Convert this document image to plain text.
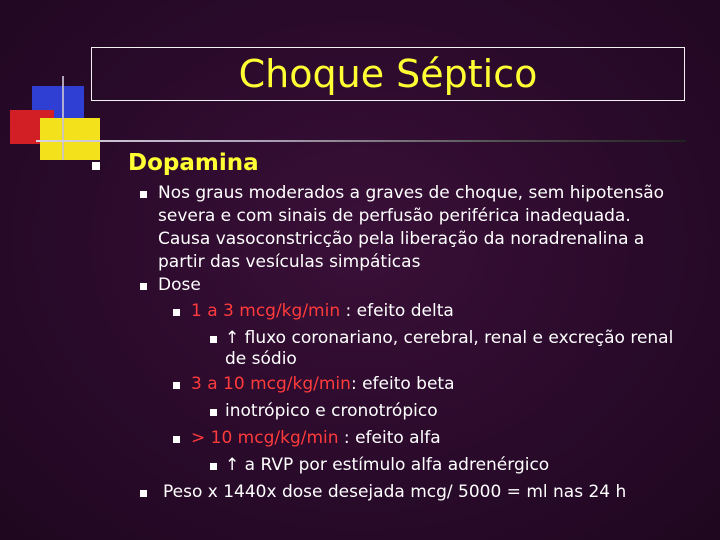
Choque Séptico
Dopamina
Nos graus moderados a graves de choque, sem hipotensão
severa e com sinais de perfusão periférica inadequada.
Causa vasoconstricção pela liberação da noradrenalina a
partir das vesículas simpáticas
Dose
1 a 3 mcg/kg/min : efeito delta
↑ fluxo coronariano, cerebral, renal e excreção renal
de sódio
3 a 10 mcg/kg/min: efeito beta
inotrópico e cronotrópico
> 10 mcg/kg/min : efeito alfa
↑ a RVP por estímulo alfa adrenérgico
Peso x 1440x dose desejada mcg/ 5000 = ml nas 24 h
